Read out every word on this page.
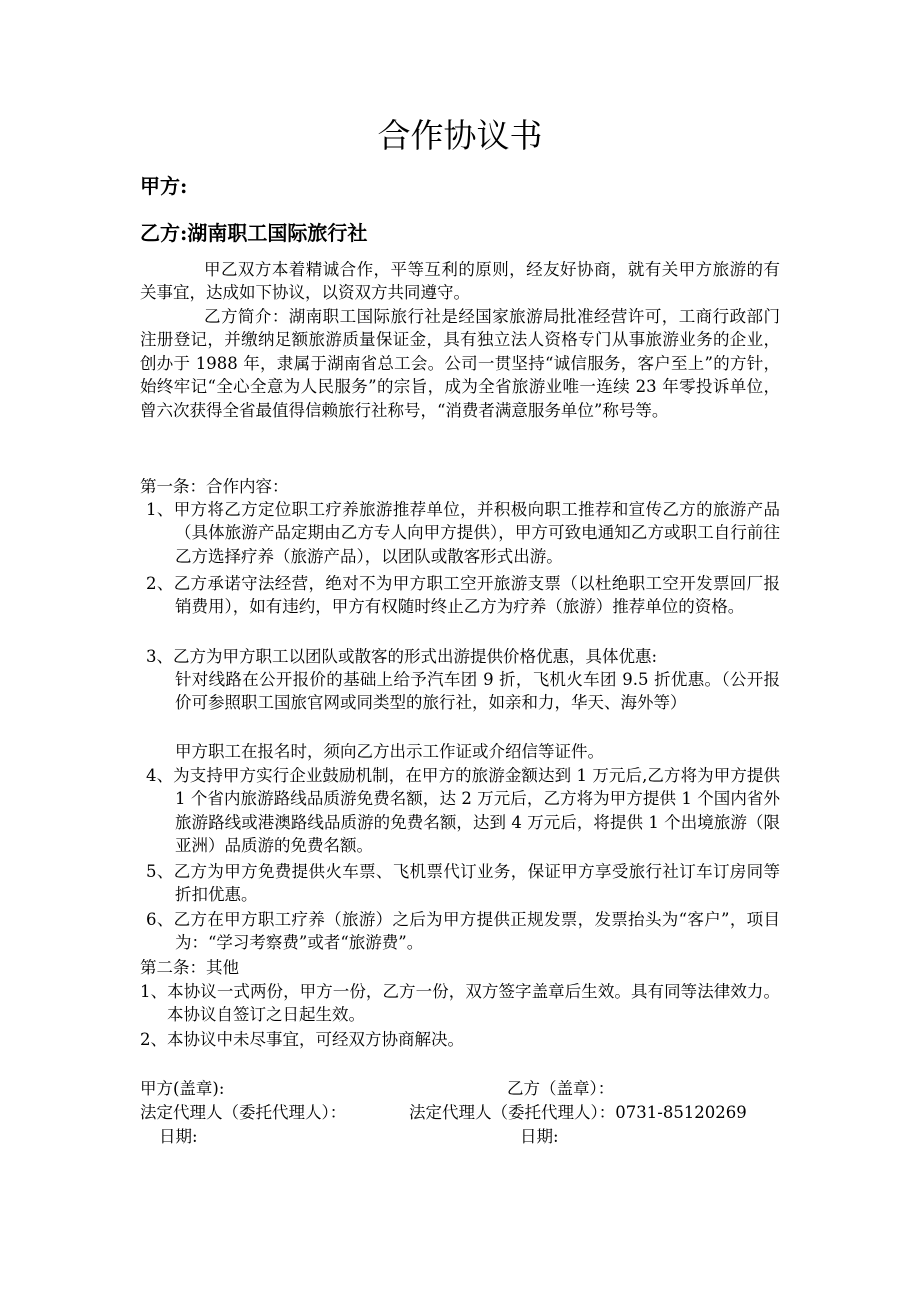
合作协议书
甲方:
乙方:湖南职工国际旅行社
甲乙双方本着精诚合作，平等互利的原则，经友好协商，就有关甲方旅游的有关事宜，达成如下协议，以资双方共同遵守。
乙方简介：湖南职工国际旅行社是经国家旅游局批准经营许可，工商行政部门注册登记，并缴纳足额旅游质量保证金，具有独立法人资格专门从事旅游业务的企业，创办于 1988 年，隶属于湖南省总工会。公司一贯坚持“诚信服务，客户至上”的方针，始终牢记“全心全意为人民服务”的宗旨，成为全省旅游业唯一连续 23 年零投诉单位，曾六次获得全省最值得信赖旅行社称号，“消费者满意服务单位”称号等。
第一条：合作内容：
1、甲方将乙方定位职工疗养旅游推荐单位，并积极向职工推荐和宣传乙方的旅游产品（具体旅游产品定期由乙方专人向甲方提供），甲方可致电通知乙方或职工自行前往乙方选择疗养（旅游产品），以团队或散客形式出游。
2、乙方承诺守法经营，绝对不为甲方职工空开旅游支票（以杜绝职工空开发票回厂报销费用），如有违约，甲方有权随时终止乙方为疗养（旅游）推荐单位的资格。
3、乙方为甲方职工以团队或散客的形式出游提供价格优惠，具体优惠:
针对线路在公开报价的基础上给予汽车团 9 折，飞机火车团 9.5 折优惠。（公开报价可参照职工国旅官网或同类型的旅行社，如亲和力，华天、海外等）
甲方职工在报名时，须向乙方出示工作证或介绍信等证件。
4、为支持甲方实行企业鼓励机制，在甲方的旅游金额达到 1 万元后,乙方将为甲方提供 1 个省内旅游路线品质游免费名额，达 2 万元后，乙方将为甲方提供 1 个国内省外旅游路线或港澳路线品质游的免费名额，达到 4 万元后，将提供 1 个出境旅游（限亚洲）品质游的免费名额。
5、乙方为甲方免费提供火车票、飞机票代订业务，保证甲方享受旅行社订车订房同等折扣优惠。
6、乙方在甲方职工疗养（旅游）之后为甲方提供正规发票，发票抬头为“客户”，项目为：“学习考察费”或者“旅游费”。
第二条：其他
1、本协议一式两份，甲方一份，乙方一份，双方签字盖章后生效。具有同等法律效力。本协议自签订之日起生效。
2、本协议中未尽事宜，可经双方协商解决。
甲方(盖章):	乙方（盖章）：
法定代理人（委托代理人）：	法定代理人（委托代理人）：0731-85120269
日期:	日期:
